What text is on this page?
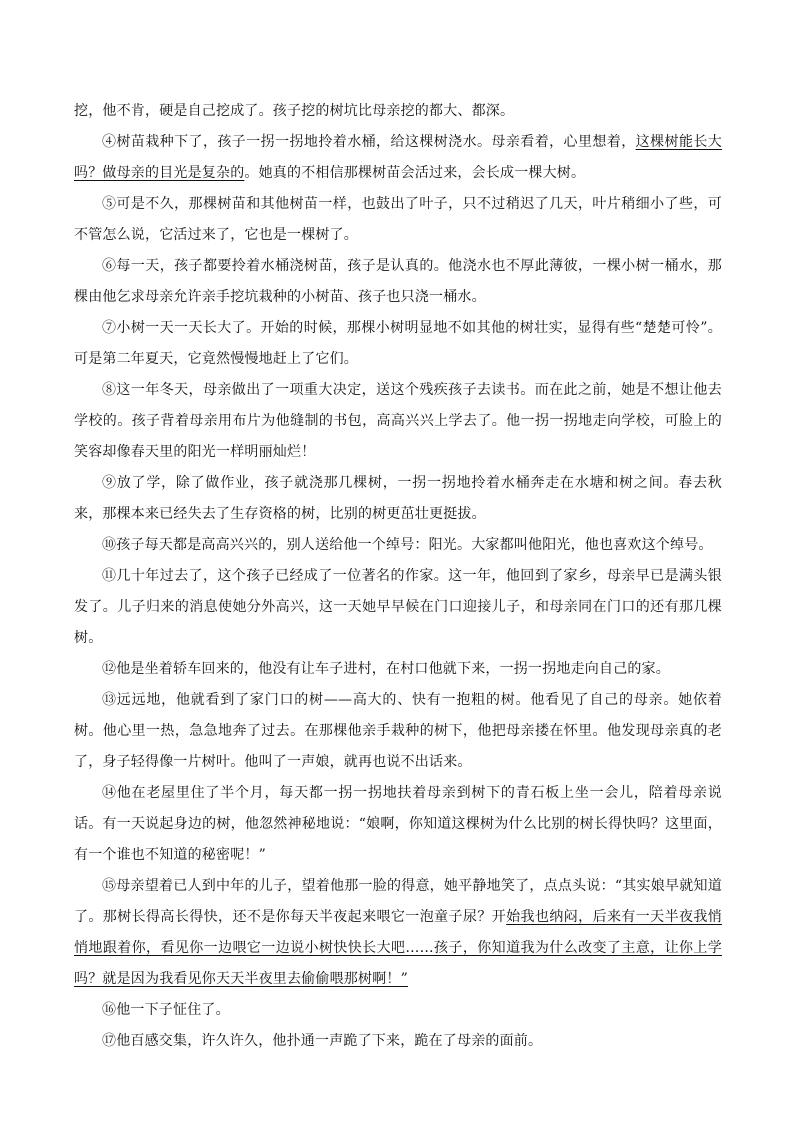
挖，他不肯，硬是自己挖成了。孩子挖的树坑比母亲挖的都大、都深。

④树苗栽种下了，孩子一拐一拐地拎着水桶，给这棵树浇水。母亲看着，心里想着，这棵树能长大吗？做母亲的目光是复杂的。她真的不相信那棵树苗会活过来，会长成一棵大树。

⑤可是不久，那棵树苗和其他树苗一样，也鼓出了叶子，只不过稍迟了几天，叶片稍细小了些，可不管怎么说，它活过来了，它也是一棵树了。

⑥每一天，孩子都要拎着水桶浇树苗，孩子是认真的。他浇水也不厚此薄彼，一棵小树一桶水，那棵由他乞求母亲允许亲手挖坑栽种的小树苗、孩子也只浇一桶水。

⑦小树一天一天长大了。开始的时候，那棵小树明显地不如其他的树壮实，显得有些“楚楚可怜”。可是第二年夏天，它竟然慢慢地赶上了它们。

⑧这一年冬天，母亲做出了一项重大决定，送这个残疾孩子去读书。而在此之前，她是不想让他去学校的。孩子背着母亲用布片为他缝制的书包，高高兴兴上学去了。他一拐一拐地走向学校，可脸上的笑容却像春天里的阳光一样明丽灿烂！

⑨放了学，除了做作业，孩子就浇那几棵树，一拐一拐地拎着水桶奔走在水塘和树之间。春去秋来，那棵本来已经失去了生存资格的树，比别的树更茁壮更挺拔。

⑩孩子每天都是高高兴兴的，别人送给他一个绰号：阳光。大家都叫他阳光，他也喜欢这个绰号。

⑪几十年过去了，这个孩子已经成了一位著名的作家。这一年，他回到了家乡，母亲早已是满头银发了。儿子归来的消息使她分外高兴，这一天她早早候在门口迎接儿子，和母亲同在门口的还有那几棵树。

⑫他是坐着轿车回来的，他没有让车子进村，在村口他就下来，一拐一拐地走向自己的家。

⑬远远地，他就看到了家门口的树——高大的、快有一抱粗的树。他看见了自己的母亲。她依着树。他心里一热，急急地奔了过去。在那棵他亲手栽种的树下，他把母亲搂在怀里。他发现母亲真的老了，身子轻得像一片树叶。他叫了一声娘，就再也说不出话来。

⑭他在老屋里住了半个月，每天都一拐一拐地扶着母亲到树下的青石板上坐一会儿，陪着母亲说话。有一天说起身边的树，他忽然神秘地说：“娘啊，你知道这棵树为什么比别的树长得快吗？这里面，有一个谁也不知道的秘密呢！”

⑮母亲望着已人到中年的儿子，望着他那一脸的得意，她平静地笑了，点点头说：“其实娘早就知道了。那树长得高长得快，还不是你每天半夜起来喂它一泡童子尿？开始我也纳闷，后来有一天半夜我悄悄地跟着你，看见你一边喂它一边说小树快快长大吧……孩子，你知道我为什么改变了主意，让你上学吗？就是因为我看见你天天半夜里去偷偷喂那树啊！”

⑯他一下子怔住了。

⑰他百感交集，许久许久，他扑通一声跪了下来，跪在了母亲的面前。
